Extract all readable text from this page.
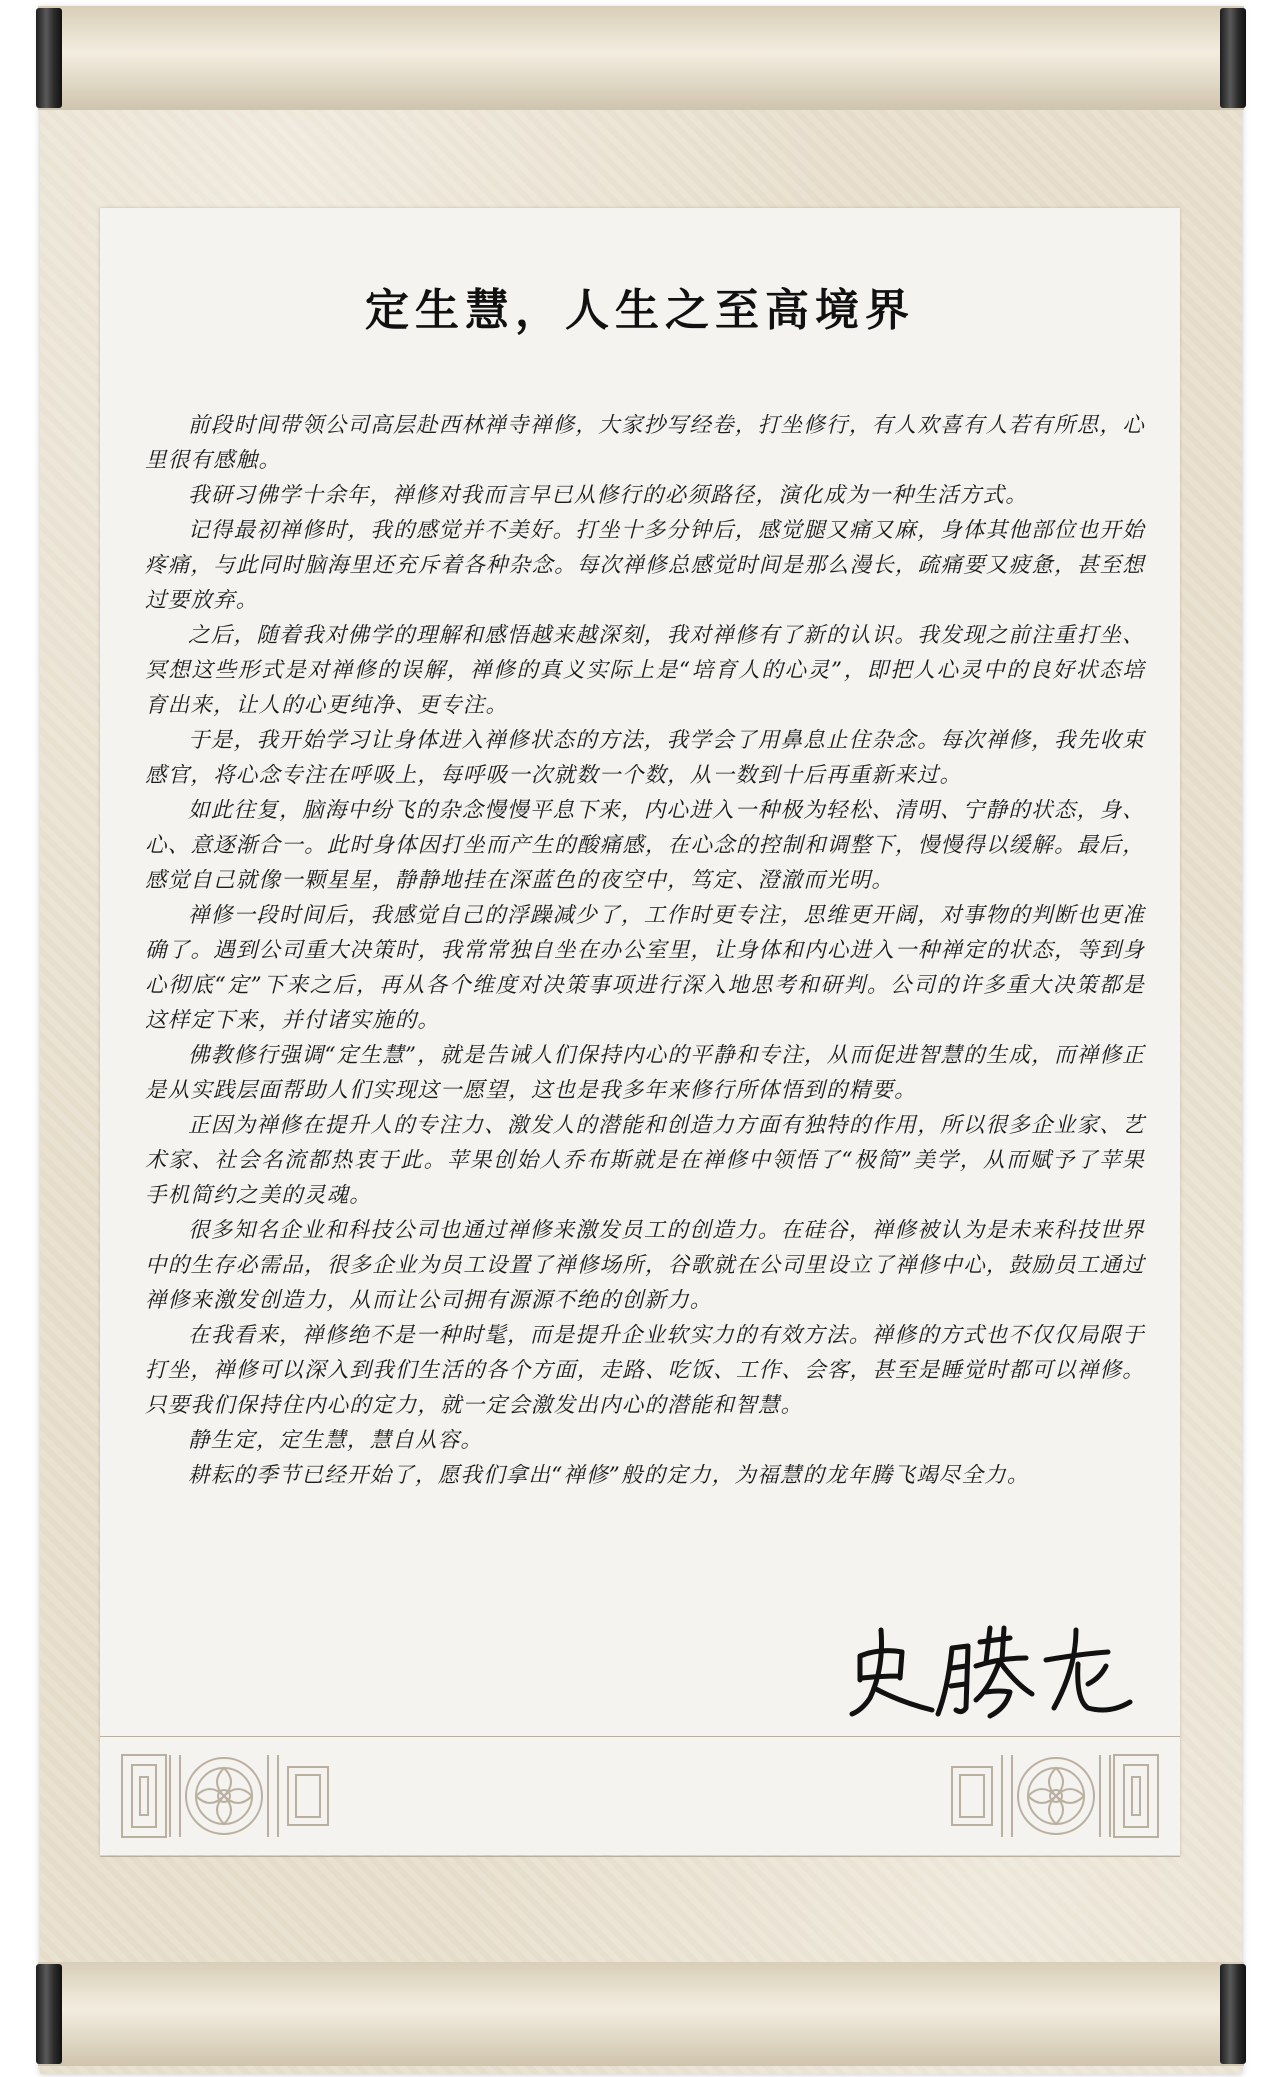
定生慧，人生之至高境界

前段时间带领公司高层赴西林禅寺禅修，大家抄写经卷，打坐修行，有人欢喜有人若有所思，心里很有感触。

我研习佛学十余年，禅修对我而言早已从修行的必须路径，演化成为一种生活方式。

记得最初禅修时，我的感觉并不美好。打坐十多分钟后，感觉腿又痛又麻，身体其他部位也开始疼痛，与此同时脑海里还充斥着各种杂念。每次禅修总感觉时间是那么漫长，疏痛要又疲惫，甚至想过要放弃。

之后，随着我对佛学的理解和感悟越来越深刻，我对禅修有了新的认识。我发现之前注重打坐、冥想这些形式是对禅修的误解，禅修的真义实际上是“培育人的心灵”，即把人心灵中的良好状态培育出来，让人的心更纯净、更专注。

于是，我开始学习让身体进入禅修状态的方法，我学会了用鼻息止住杂念。每次禅修，我先收束感官，将心念专注在呼吸上，每呼吸一次就数一个数，从一数到十后再重新来过。

如此往复，脑海中纷飞的杂念慢慢平息下来，内心进入一种极为轻松、清明、宁静的状态，身、心、意逐渐合一。此时身体因打坐而产生的酸痛感，在心念的控制和调整下，慢慢得以缓解。最后，感觉自己就像一颗星星，静静地挂在深蓝色的夜空中，笃定、澄澈而光明。

禅修一段时间后，我感觉自己的浮躁减少了，工作时更专注，思维更开阔，对事物的判断也更准确了。遇到公司重大决策时，我常常独自坐在办公室里，让身体和内心进入一种禅定的状态，等到身心彻底“定”下来之后，再从各个维度对决策事项进行深入地思考和研判。公司的许多重大决策都是这样定下来，并付诸实施的。

佛教修行强调“定生慧”，就是告诫人们保持内心的平静和专注，从而促进智慧的生成，而禅修正是从实践层面帮助人们实现这一愿望，这也是我多年来修行所体悟到的精要。

正因为禅修在提升人的专注力、激发人的潜能和创造力方面有独特的作用，所以很多企业家、艺术家、社会名流都热衷于此。苹果创始人乔布斯就是在禅修中领悟了“极简”美学，从而赋予了苹果手机简约之美的灵魂。

很多知名企业和科技公司也通过禅修来激发员工的创造力。在硅谷，禅修被认为是未来科技世界中的生存必需品，很多企业为员工设置了禅修场所，谷歌就在公司里设立了禅修中心，鼓励员工通过禅修来激发创造力，从而让公司拥有源源不绝的创新力。

在我看来，禅修绝不是一种时髦，而是提升企业软实力的有效方法。禅修的方式也不仅仅局限于打坐，禅修可以深入到我们生活的各个方面，走路、吃饭、工作、会客，甚至是睡觉时都可以禅修。只要我们保持住内心的定力，就一定会激发出内心的潜能和智慧。

静生定，定生慧，慧自从容。

耕耘的季节已经开始了，愿我们拿出“禅修”般的定力，为福慧的龙年腾飞竭尽全力。
